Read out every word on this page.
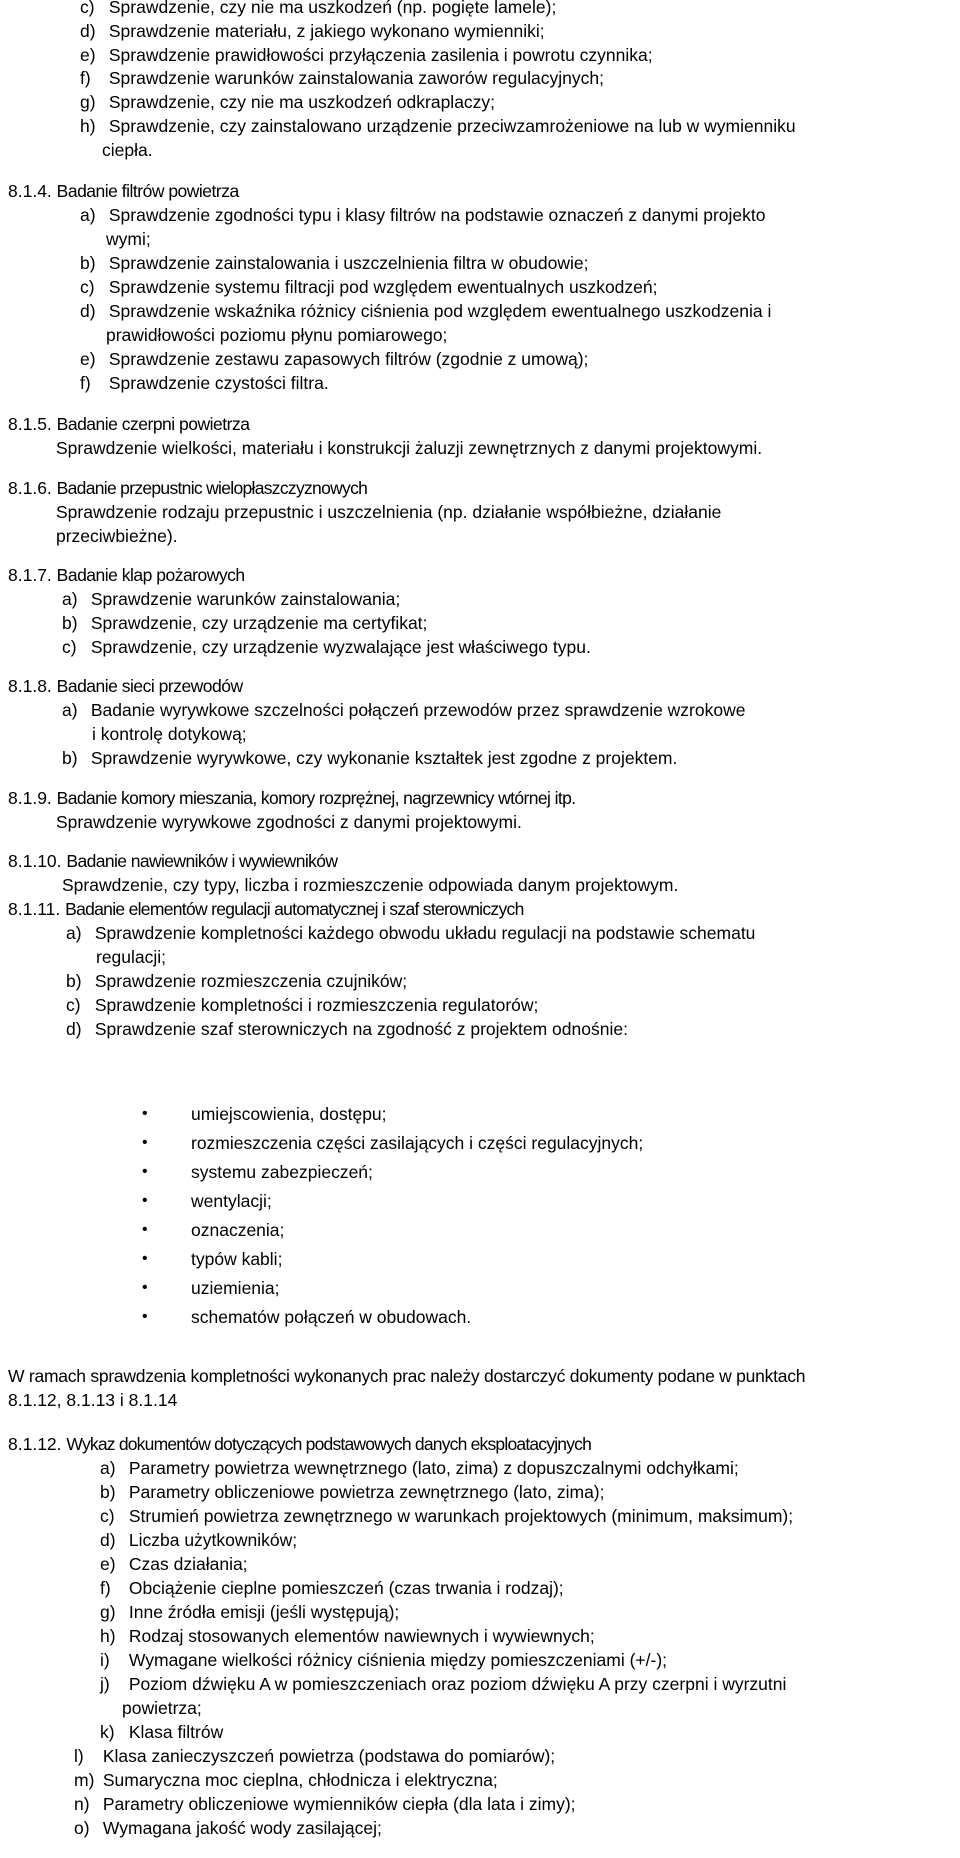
c) Sprawdzenie, czy nie ma uszkodzeń (np. pogięte lamele);
d) Sprawdzenie materiału, z jakiego wykonano wymienniki;
e) Sprawdzenie prawidłowości przyłączenia zasilenia i powrotu czynnika;
f) Sprawdzenie warunków zainstalowania zaworów regulacyjnych;
g) Sprawdzenie, czy nie ma uszkodzeń odkraplaczy;
h) Sprawdzenie, czy zainstalowano urządzenie przeciwzamrożeniowe na lub w wymienniku
ciepła.
8.1.4. Badanie filtrów powietrza
a) Sprawdzenie zgodności typu i klasy filtrów na podstawie oznaczeń z danymi projekto
wymi;
b) Sprawdzenie zainstalowania i uszczelnienia filtra w obudowie;
c) Sprawdzenie systemu filtracji pod względem ewentualnych uszkodzeń;
d) Sprawdzenie wskaźnika różnicy ciśnienia pod względem ewentualnego uszkodzenia i
prawidłowości poziomu płynu pomiarowego;
e) Sprawdzenie zestawu zapasowych filtrów (zgodnie z umową);
f) Sprawdzenie czystości filtra.
8.1.5. Badanie czerpni powietrza
Sprawdzenie wielkości, materiału i konstrukcji żaluzji zewnętrznych z danymi projektowymi.
8.1.6. Badanie przepustnic wielopłaszczyznowych
Sprawdzenie rodzaju przepustnic i uszczelnienia (np. działanie współbieżne, działanie
przeciwbieżne).
8.1.7. Badanie klap pożarowych
a) Sprawdzenie warunków zainstalowania;
b) Sprawdzenie, czy urządzenie ma certyfikat;
c) Sprawdzenie, czy urządzenie wyzwalające jest właściwego typu.
8.1.8. Badanie sieci przewodów
a) Badanie wyrywkowe szczelności połączeń przewodów przez sprawdzenie wzrokowe
i kontrolę dotykową;
b) Sprawdzenie wyrywkowe, czy wykonanie kształtek jest zgodne z projektem.
8.1.9. Badanie komory mieszania, komory rozprężnej, nagrzewnicy wtórnej itp.
Sprawdzenie wyrywkowe zgodności z danymi projektowymi.
8.1.10. Badanie nawiewników i wywiewników
Sprawdzenie, czy typy, liczba i rozmieszczenie odpowiada danym projektowym.
8.1.11. Badanie elementów regulacji automatycznej i szaf sterowniczych
a) Sprawdzenie kompletności każdego obwodu układu regulacji na podstawie schematu
regulacji;
b) Sprawdzenie rozmieszczenia czujników;
c) Sprawdzenie kompletności i rozmieszczenia regulatorów;
d) Sprawdzenie szaf sterowniczych na zgodność z projektem odnośnie:
• umiejscowienia, dostępu;
• rozmieszczenia części zasilających i części regulacyjnych;
• systemu zabezpieczeń;
• wentylacji;
• oznaczenia;
• typów kabli;
• uziemienia;
• schematów połączeń w obudowach.
W ramach sprawdzenia kompletności wykonanych prac należy dostarczyć dokumenty podane w punktach
8.1.12, 8.1.13 i 8.1.14
8.1.12. Wykaz dokumentów dotyczących podstawowych danych eksploatacyjnych
a) Parametry powietrza wewnętrznego (lato, zima) z dopuszczalnymi odchyłkami;
b) Parametry obliczeniowe powietrza zewnętrznego (lato, zima);
c) Strumień powietrza zewnętrznego w warunkach projektowych (minimum, maksimum);
d) Liczba użytkowników;
e) Czas działania;
f) Obciążenie cieplne pomieszczeń (czas trwania i rodzaj);
g) Inne źródła emisji (jeśli występują);
h) Rodzaj stosowanych elementów nawiewnych i wywiewnych;
i) Wymagane wielkości różnicy ciśnienia między pomieszczeniami (+/-);
j) Poziom dźwięku A w pomieszczeniach oraz poziom dźwięku A przy czerpni i wyrzutni
powietrza;
k) Klasa filtrów
l) Klasa zanieczyszczeń powietrza (podstawa do pomiarów);
m) Sumaryczna moc cieplna, chłodnicza i elektryczna;
n) Parametry obliczeniowe wymienników ciepła (dla lata i zimy);
o) Wymagana jakość wody zasilającej;
